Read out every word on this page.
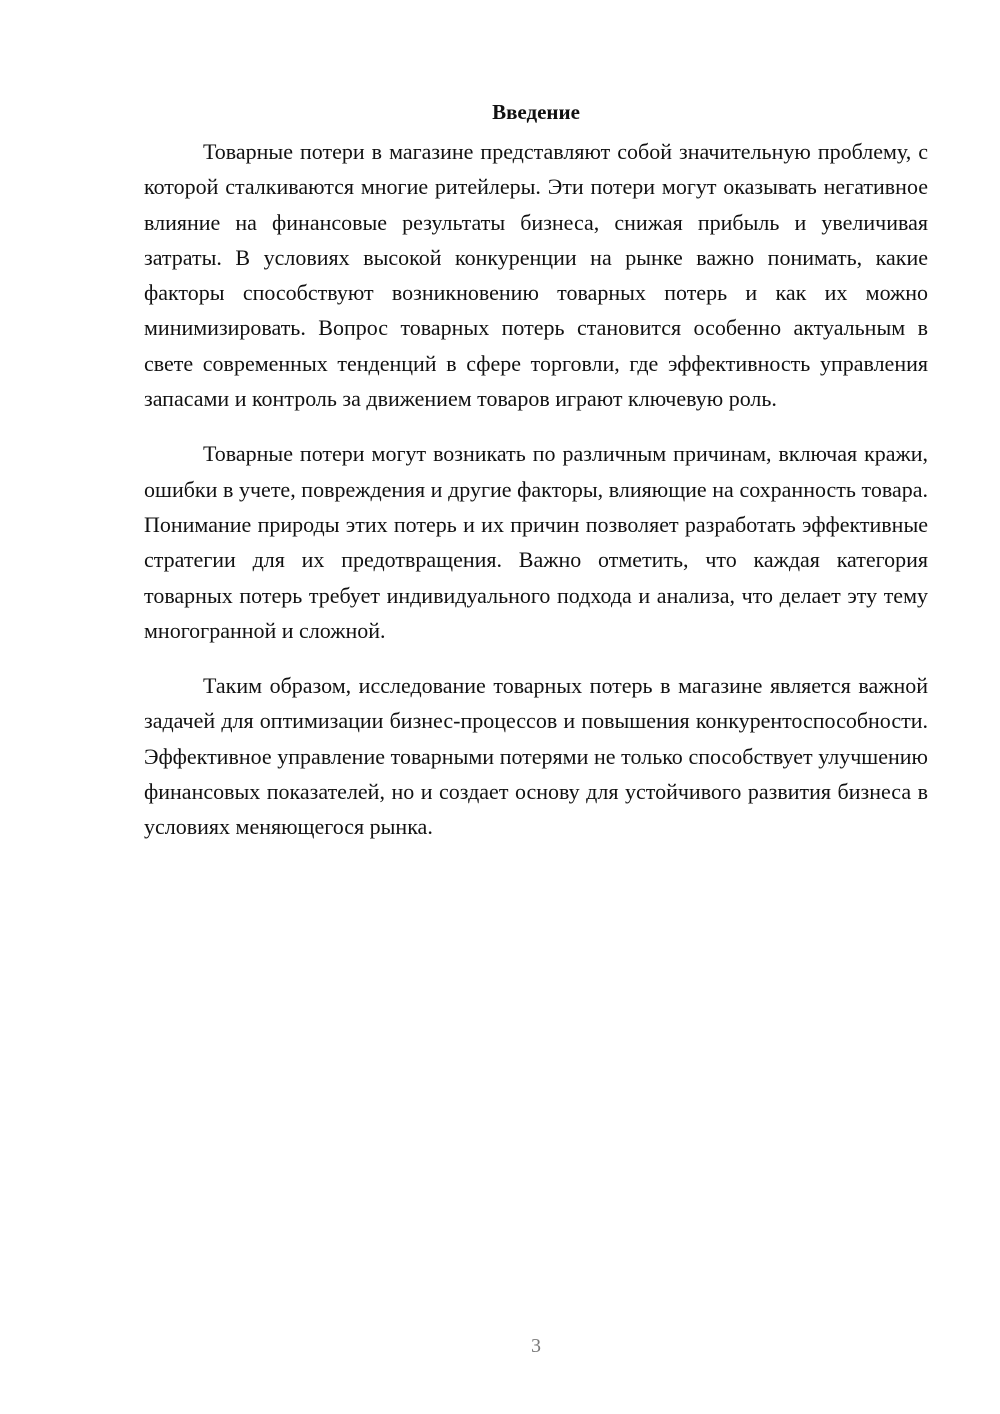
Введение

Товарные потери в магазине представляют собой значительную проблему, с которой сталкиваются многие ритейлеры. Эти потери могут оказывать негативное влияние на финансовые результаты бизнеса, снижая прибыль и увеличивая затраты. В условиях высокой конкуренции на рынке важно понимать, какие факторы способствуют возникновению товарных потерь и как их можно минимизировать. Вопрос товарных потерь становится особенно актуальным в свете современных тенденций в сфере торговли, где эффективность управления запасами и контроль за движением товаров играют ключевую роль.

Товарные потери могут возникать по различным причинам, включая кражи, ошибки в учете, повреждения и другие факторы, влияющие на сохранность товара. Понимание природы этих потерь и их причин позволяет разработать эффективные стратегии для их предотвращения. Важно отметить, что каждая категория товарных потерь требует индивидуального подхода и анализа, что делает эту тему многогранной и сложной.

Таким образом, исследование товарных потерь в магазине является важной задачей для оптимизации бизнес-процессов и повышения конкурентоспособности. Эффективное управление товарными потерями не только способствует улучшению финансовых показателей, но и создает основу для устойчивого развития бизнеса в условиях меняющегося рынка.

3
